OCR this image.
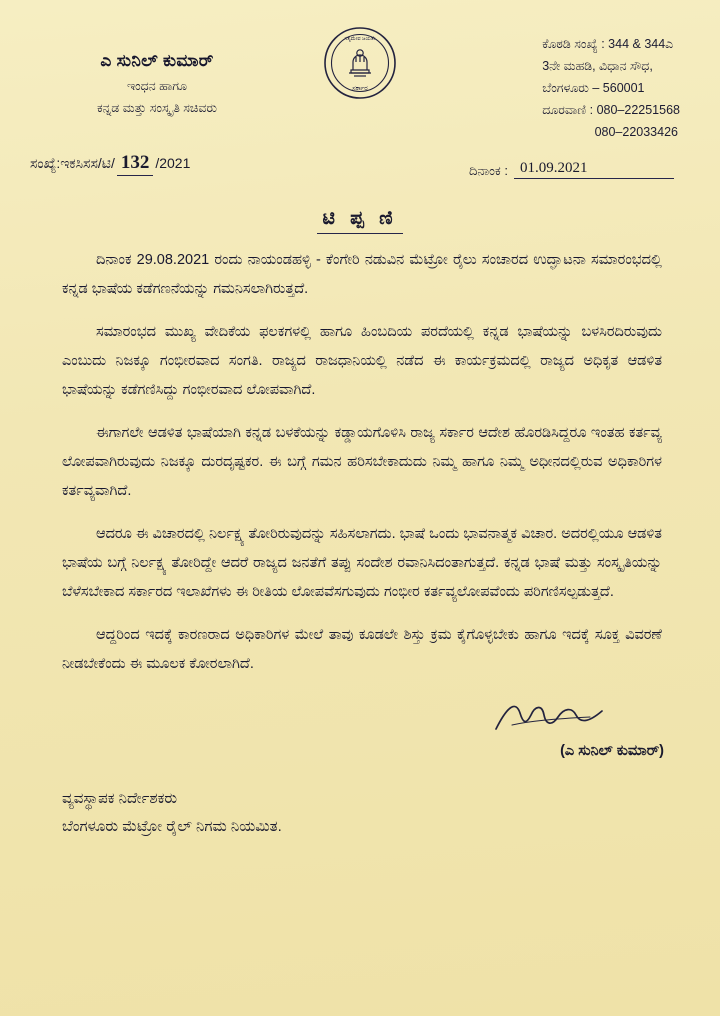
ಎ ಸುನಿಲ್ ಕುಮಾರ್
ಇಂಧನ ಹಾಗೂ
ಕನ್ನಡ ಮತ್ತು ಸಂಸ್ಕೃತಿ ಸಚಿವರು
ಸತ್ಯಮೇವ ಜಯತೇ
ಸರ್ಕಾರ
ಕೊಠಡಿ ಸಂಖ್ಯೆ : 344 & 344ಎ
3ನೇ ಮಹಡಿ, ವಿಧಾನ ಸೌಧ,
ಬೆಂಗಳೂರು – 560001
ದೂರವಾಣಿ : 080–22251568
080–22033426
ಸಂಖ್ಯೆ:ಇಕಸಿಸಸ/ಟಿ/ 132 /2021	ದಿನಾಂಕ : 01.09.2021
ಟಿ ಪ್ಪ ಣಿ

ದಿನಾಂಕ 29.08.2021 ರಂದು ನಾಯಂಡಹಳ್ಳಿ - ಕೆಂಗೇರಿ ನಡುವಿನ ಮೆಟ್ರೋ ರೈಲು ಸಂಚಾರದ ಉದ್ಘಾಟನಾ ಸಮಾರಂಭದಲ್ಲಿ ಕನ್ನಡ ಭಾಷೆಯ ಕಡೆಗಣನೆಯನ್ನು ಗಮನಿಸಲಾಗಿರುತ್ತದೆ.

ಸಮಾರಂಭದ ಮುಖ್ಯ ವೇದಿಕೆಯ ಫಲಕಗಳಲ್ಲಿ ಹಾಗೂ ಹಿಂಬದಿಯ ಪರದೆಯಲ್ಲಿ ಕನ್ನಡ ಭಾಷೆಯನ್ನು ಬಳಸಿರದಿರುವುದು ಎಂಬುದು ನಿಜಕ್ಕೂ ಗಂಭೀರವಾದ ಸಂಗತಿ. ರಾಜ್ಯದ ರಾಜಧಾನಿಯಲ್ಲಿ ನಡೆದ ಈ ಕಾರ್ಯಕ್ರಮದಲ್ಲಿ ರಾಜ್ಯದ ಅಧಿಕೃತ ಆಡಳಿತ ಭಾಷೆಯನ್ನು ಕಡೆಗಣಿಸಿದ್ದು ಗಂಭೀರವಾದ ಲೋಪವಾಗಿದೆ.

ಈಗಾಗಲೇ ಆಡಳಿತ ಭಾಷೆಯಾಗಿ ಕನ್ನಡ ಬಳಕೆಯನ್ನು ಕಡ್ಡಾಯಗೊಳಿಸಿ ರಾಜ್ಯ ಸರ್ಕಾರ ಆದೇಶ ಹೊರಡಿಸಿದ್ದರೂ ಇಂತಹ ಕರ್ತವ್ಯ ಲೋಪವಾಗಿರುವುದು ನಿಜಕ್ಕೂ ದುರದೃಷ್ಟಕರ. ಈ ಬಗ್ಗೆ ಗಮನ ಹರಿಸಬೇಕಾದುದು ನಿಮ್ಮ ಹಾಗೂ ನಿಮ್ಮ ಅಧೀನದಲ್ಲಿರುವ ಅಧಿಕಾರಿಗಳ ಕರ್ತವ್ಯವಾಗಿದೆ.

ಆದರೂ ಈ ವಿಚಾರದಲ್ಲಿ ನಿರ್ಲಕ್ಷ್ಯ ತೋರಿರುವುದನ್ನು ಸಹಿಸಲಾಗದು. ಭಾಷೆ ಒಂದು ಭಾವನಾತ್ಮಕ ವಿಚಾರ. ಅದರಲ್ಲಿಯೂ ಆಡಳಿತ ಭಾಷೆಯ ಬಗ್ಗೆ ನಿರ್ಲಕ್ಷ್ಯ ತೋರಿದ್ದೇ ಆದರೆ ರಾಜ್ಯದ ಜನತೆಗೆ ತಪ್ಪು ಸಂದೇಶ ರವಾನಿಸಿದಂತಾಗುತ್ತದೆ. ಕನ್ನಡ ಭಾಷೆ ಮತ್ತು ಸಂಸ್ಕೃತಿಯನ್ನು ಬೆಳೆಸಬೇಕಾದ ಸರ್ಕಾರದ ಇಲಾಖೆಗಳು ಈ ರೀತಿಯ ಲೋಪವೆಸಗುವುದು ಗಂಭೀರ ಕರ್ತವ್ಯಲೋಪವೆಂದು ಪರಿಗಣಿಸಲ್ಪಡುತ್ತದೆ.

ಆದ್ದರಿಂದ ಇದಕ್ಕೆ ಕಾರಣರಾದ ಅಧಿಕಾರಿಗಳ ಮೇಲೆ ತಾವು ಕೂಡಲೇ ಶಿಸ್ತು ಕ್ರಮ ಕೈಗೊಳ್ಳಬೇಕು ಹಾಗೂ ಇದಕ್ಕೆ ಸೂಕ್ತ ವಿವರಣೆ ನೀಡಬೇಕೆಂದು ಈ ಮೂಲಕ ಕೋರಲಾಗಿದೆ.

(ಎ ಸುನಿಲ್ ಕುಮಾರ್)
ವ್ಯವಸ್ಥಾಪಕ ನಿರ್ದೇಶಕರು
ಬೆಂಗಳೂರು ಮೆಟ್ರೋ ರೈಲ್ ನಿಗಮ ನಿಯಮಿತ.
